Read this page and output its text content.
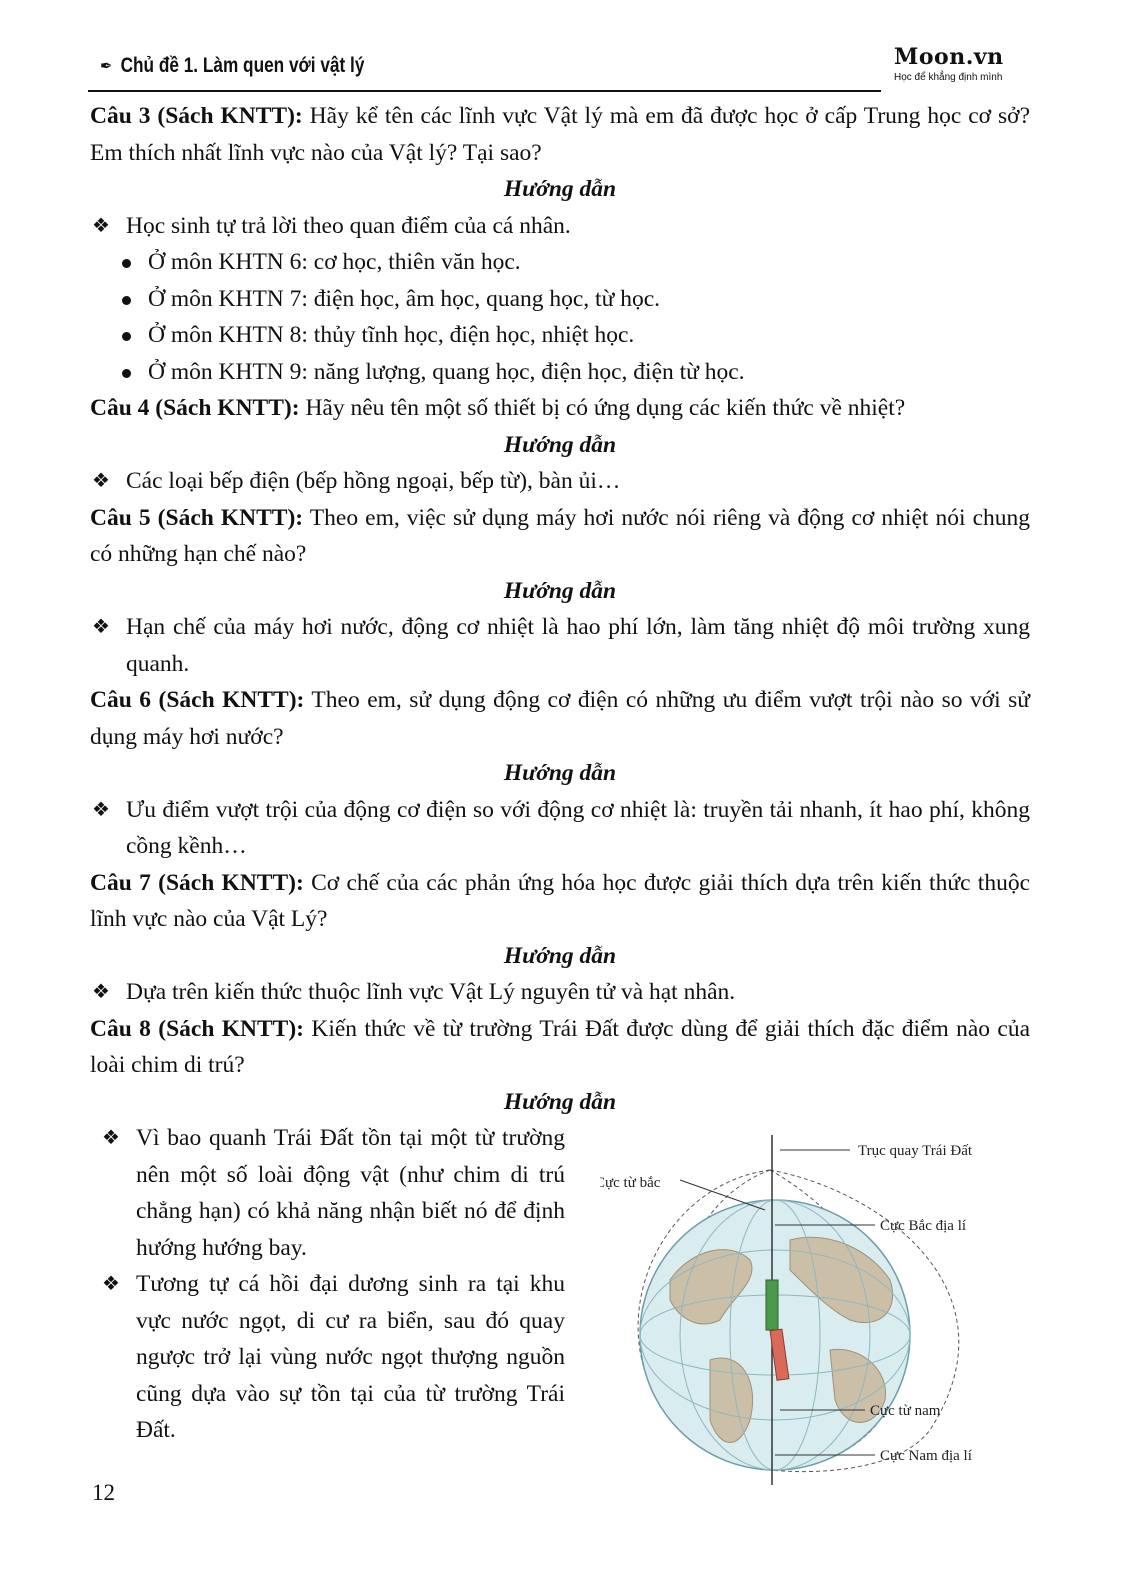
✒ Chủ đề 1. Làm quen với vật lý	Moon.vn
Học để khẳng định mình

Câu 3 (Sách KNTT): Hãy kể tên các lĩnh vực Vật lý mà em đã được học ở cấp Trung học cơ sở? Em thích nhất lĩnh vực nào của Vật lý? Tại sao?

Hướng dẫn

❖ Học sinh tự trả lời theo quan điểm của cá nhân.

Ở môn KHTN 6: cơ học, thiên văn học.
Ở môn KHTN 7: điện học, âm học, quang học, từ học.
Ở môn KHTN 8: thủy tĩnh học, điện học, nhiệt học.
Ở môn KHTN 9: năng lượng, quang học, điện học, điện từ học.

Câu 4 (Sách KNTT): Hãy nêu tên một số thiết bị có ứng dụng các kiến thức về nhiệt?

Hướng dẫn

❖ Các loại bếp điện (bếp hồng ngoại, bếp từ), bàn ủi…

Câu 5 (Sách KNTT): Theo em, việc sử dụng máy hơi nước nói riêng và động cơ nhiệt nói chung có những hạn chế nào?

Hướng dẫn

❖ Hạn chế của máy hơi nước, động cơ nhiệt là hao phí lớn, làm tăng nhiệt độ môi trường xung quanh.

Câu 6 (Sách KNTT): Theo em, sử dụng động cơ điện có những ưu điểm vượt trội nào so với sử dụng máy hơi nước?

Hướng dẫn

❖ Ưu điểm vượt trội của động cơ điện so với động cơ nhiệt là: truyền tải nhanh, ít hao phí, không cồng kềnh…

Câu 7 (Sách KNTT): Cơ chế của các phản ứng hóa học được giải thích dựa trên kiến thức thuộc lĩnh vực nào của Vật Lý?

Hướng dẫn

❖ Dựa trên kiến thức thuộc lĩnh vực Vật Lý nguyên tử và hạt nhân.

Câu 8 (Sách KNTT): Kiến thức về từ trường Trái Đất được dùng để giải thích đặc điểm nào của loài chim di trú?

Hướng dẫn

❖ Vì bao quanh Trái Đất tồn tại một từ trường nên một số loài động vật (như chim di trú chẳng hạn) có khả năng nhận biết nó để định hướng hướng bay.

❖ Tương tự cá hồi đại dương sinh ra tại khu vực nước ngọt, di cư ra biển, sau đó quay ngược trở lại vùng nước ngọt thượng nguồn cũng dựa vào sự tồn tại của từ trường Trái Đất.

Trục quay Trái Đất
Cực từ bắc
Cực Bắc địa lí
Cực từ nam
Cực Nam địa lí
12
